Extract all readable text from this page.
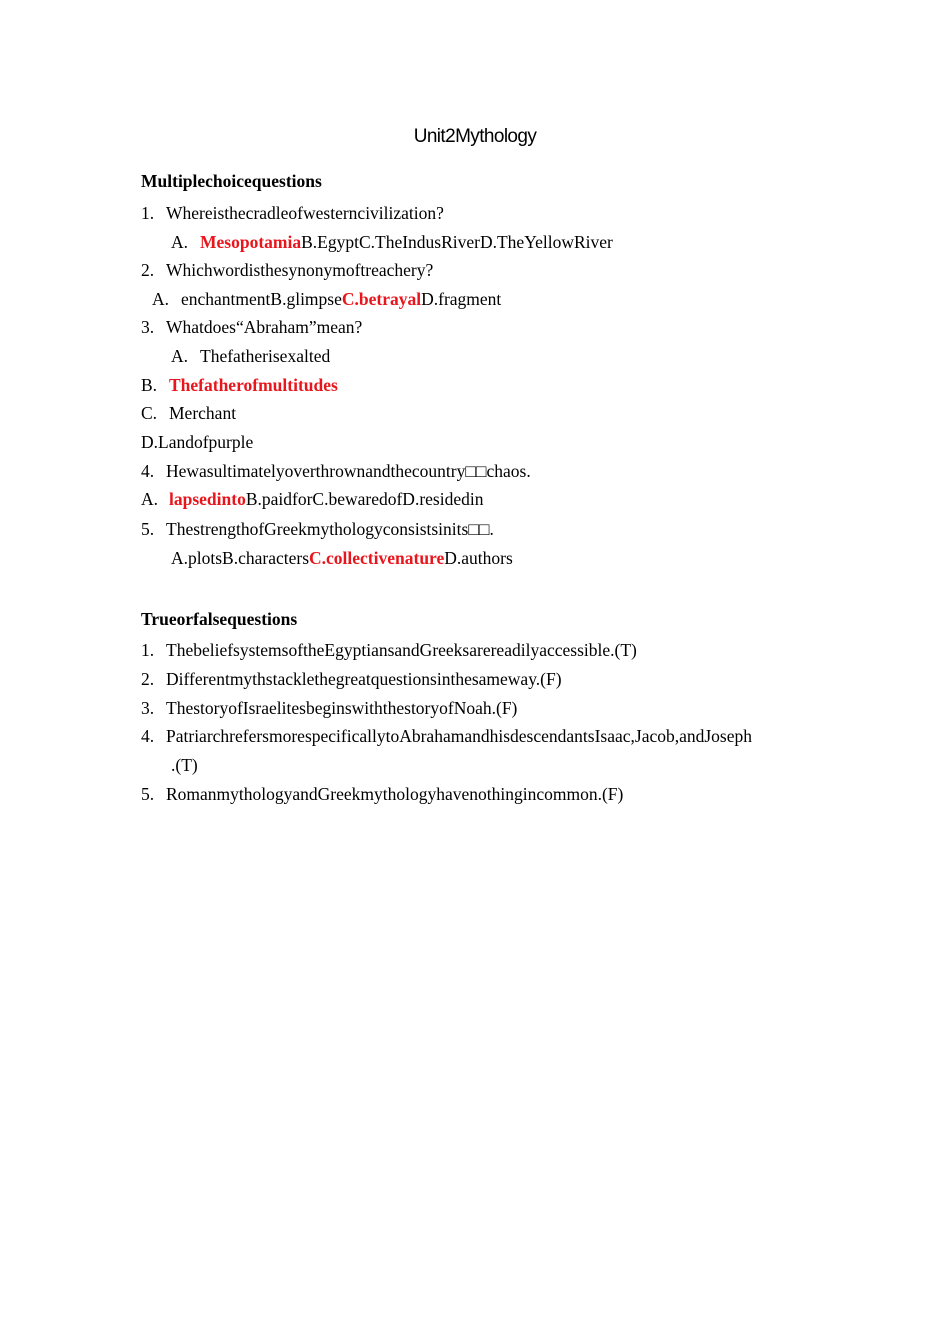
Unit2Mythology
Multiplechoicequestions
1. Whereisthecradleofwesterncivilization?
A. MesopotamiaB.EgyptC.TheIndusRiverD.TheYellowRiver
2. Whichwordisthesynonymoftreachery?
A. enchantmentB.glimpseC.betrayalD.fragment
3. Whatdoes“Abraham”mean?
A. Thefatherisexalted
B. Thefatherofmultitudes
C. Merchant
D.Landofpurple
4. Hewasultimatelyoverthrownandthecountry□□chaos.
A. lapsedintoB.paidforC.bewaredofD.residedin
5. ThestrengthofGreekmythologyconsistsinits□□.
A.plotsB.charactersC.collectivenatureD.authors
Trueorfalsequestions
1. ThebeliefsystemsoftheEgyptiansandGreeksarereadilyaccessible.(T)
2. Differentmythstacklethegreatquestionsinthesameway.(F)
3. ThestoryofIsraelitesbeginswiththestoryofNoah.(F)
4. PatriarchrefersmorespecificallytoAbrahamandhisdescendantsIsaac,Jacob,andJoseph
.(T)
5. RomanmythologyandGreekmythologyhavenothingincommon.(F)
